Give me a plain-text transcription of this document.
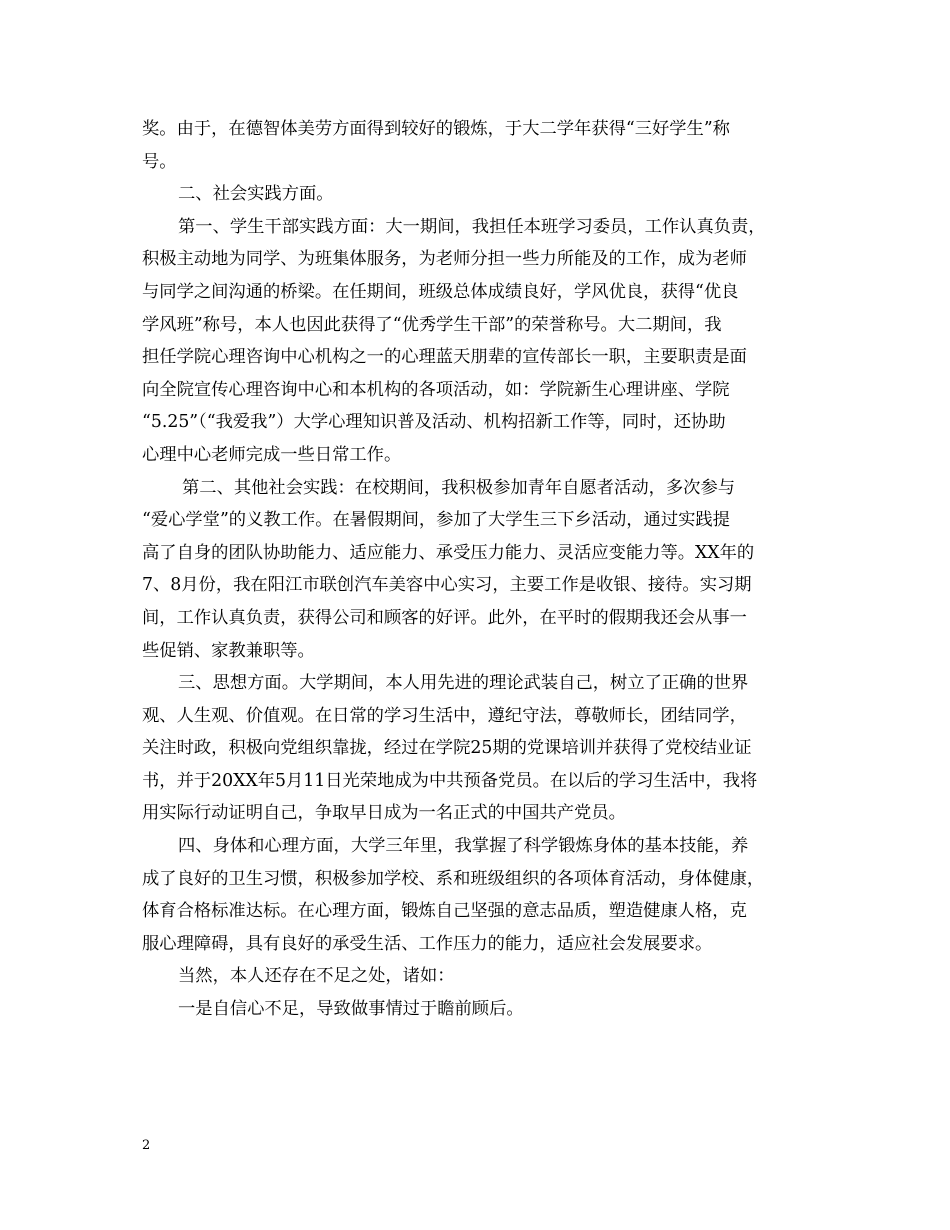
奖。由于，在德智体美劳方面得到较好的锻炼，于大二学年获得“三好学生”称

号。

二、社会实践方面。

第一、学生干部实践方面：大一期间，我担任本班学习委员，工作认真负责，

积极主动地为同学、为班集体服务，为老师分担一些力所能及的工作，成为老师

与同学之间沟通的桥梁。在任期间，班级总体成绩良好，学风优良，获得“优良

学风班”称号，本人也因此获得了“优秀学生干部”的荣誉称号。大二期间，我

担任学院心理咨询中心机构之一的心理蓝天朋辈的宣传部长一职，主要职责是面

向全院宣传心理咨询中心和本机构的各项活动，如：学院新生心理讲座、学院

“5.25”（“我爱我”）大学心理知识普及活动、机构招新工作等，同时，还协助

心理中心老师完成一些日常工作。

第二、其他社会实践：在校期间，我积极参加青年自愿者活动，多次参与

“爱心学堂”的义教工作。在暑假期间，参加了大学生三下乡活动，通过实践提

高了自身的团队协助能力、适应能力、承受压力能力、灵活应变能力等。XX年的

7、8月份，我在阳江市联创汽车美容中心实习，主要工作是收银、接待。实习期

间，工作认真负责，获得公司和顾客的好评。此外，在平时的假期我还会从事一

些促销、家教兼职等。

三、思想方面。大学期间，本人用先进的理论武装自己，树立了正确的世界

观、人生观、价值观。在日常的学习生活中，遵纪守法，尊敬师长，团结同学，

关注时政，积极向党组织靠拢，经过在学院25期的党课培训并获得了党校结业证

书，并于20XX年5月11日光荣地成为中共预备党员。在以后的学习生活中，我将

用实际行动证明自己，争取早日成为一名正式的中国共产党员。

四、身体和心理方面，大学三年里，我掌握了科学锻炼身体的基本技能，养

成了良好的卫生习惯，积极参加学校、系和班级组织的各项体育活动，身体健康，

体育合格标准达标。在心理方面，锻炼自己坚强的意志品质，塑造健康人格，克

服心理障碍，具有良好的承受生活、工作压力的能力，适应社会发展要求。

当然，本人还存在不足之处，诸如：

一是自信心不足，导致做事情过于瞻前顾后。

2
